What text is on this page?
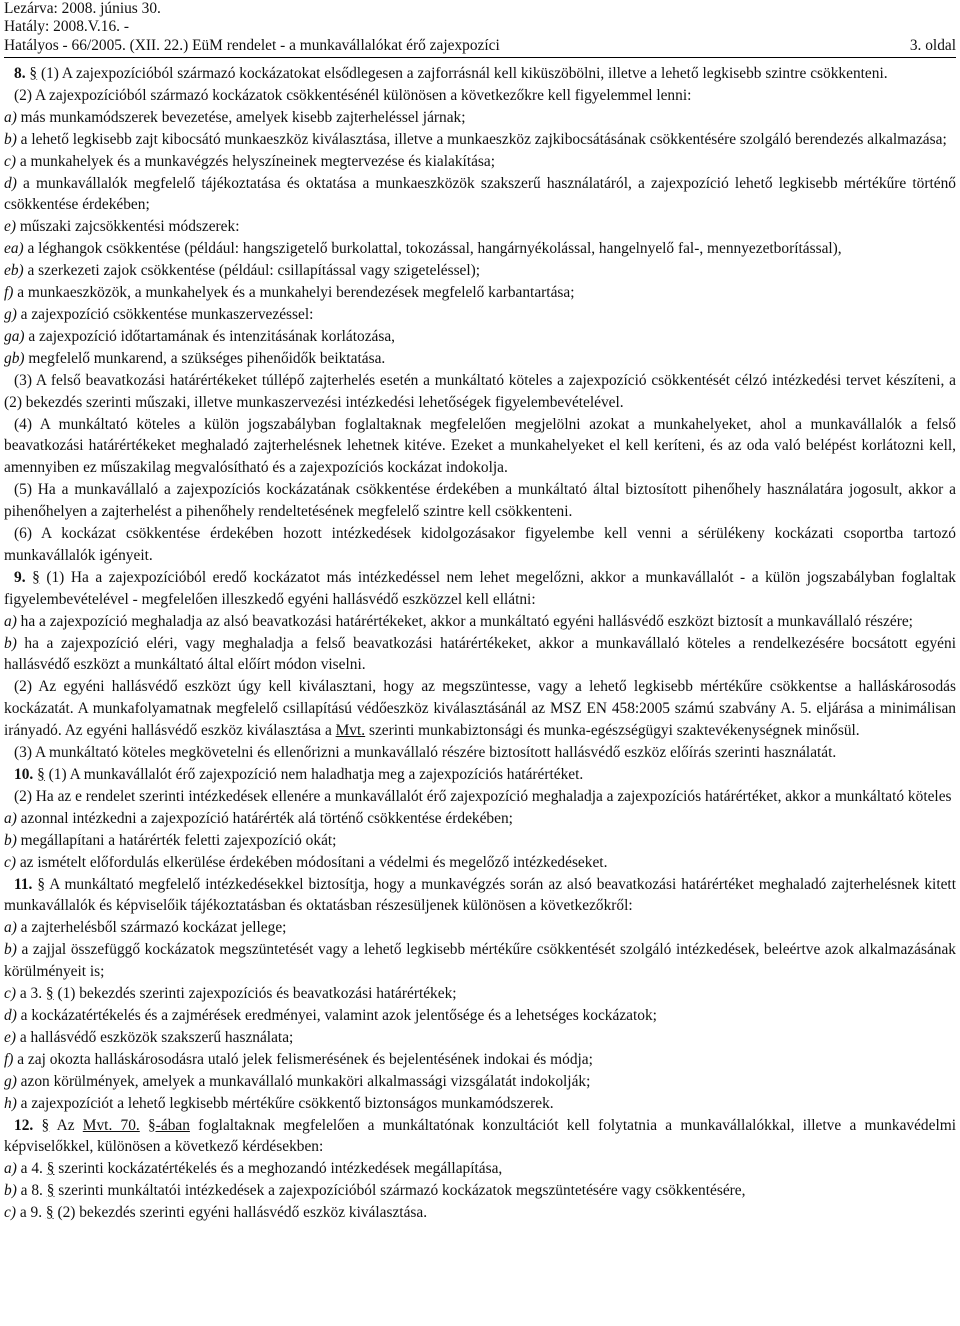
Lezárva: 2008. június 30.
Hatály: 2008.V.16. -
Hatályos - 66/2005. (XII. 22.) EüM rendelet - a munkavállalókat érő zajexpozíci	3. oldal

8. § (1) A zajexpozícióból származó kockázatokat elsődlegesen a zajforrásnál kell kiküszöbölni, illetve a lehető legkisebb szintre csökkenteni.

(2) A zajexpozícióból származó kockázatok csökkentésénél különösen a következőkre kell figyelemmel lenni:

a) más munkamódszerek bevezetése, amelyek kisebb zajterheléssel járnak;

b) a lehető legkisebb zajt kibocsátó munkaeszköz kiválasztása, illetve a munkaeszköz zajkibocsátásának csökkentésére szolgáló berendezés alkalmazása;

c) a munkahelyek és a munkavégzés helyszíneinek megtervezése és kialakítása;

d) a munkavállalók megfelelő tájékoztatása és oktatása a munkaeszközök szakszerű használatáról, a zajexpozíció lehető legkisebb mértékűre történő csökkentése érdekében;

e) műszaki zajcsökkentési módszerek:

ea) a léghangok csökkentése (például: hangszigetelő burkolattal, tokozással, hangárnyékolással, hangelnyelő fal-, mennyezetborítással),

eb) a szerkezeti zajok csökkentése (például: csillapítással vagy szigeteléssel);

f) a munkaeszközök, a munkahelyek és a munkahelyi berendezések megfelelő karbantartása;

g) a zajexpozíció csökkentése munkaszervezéssel:

ga) a zajexpozíció időtartamának és intenzitásának korlátozása,

gb) megfelelő munkarend, a szükséges pihenőidők beiktatása.

(3) A felső beavatkozási határértékeket túllépő zajterhelés esetén a munkáltató köteles a zajexpozíció csökkentését célzó intézkedési tervet készíteni, a (2) bekezdés szerinti műszaki, illetve munkaszervezési intézkedési lehetőségek figyelembevételével.

(4) A munkáltató köteles a külön jogszabályban foglaltaknak megfelelően megjelölni azokat a munkahelyeket, ahol a munkavállalók a felső beavatkozási határértékeket meghaladó zajterhelésnek lehetnek kitéve. Ezeket a munkahelyeket el kell keríteni, és az oda való belépést korlátozni kell, amennyiben ez műszakilag megvalósítható és a zajexpozíciós kockázat indokolja.

(5) Ha a munkavállaló a zajexpozíciós kockázatának csökkentése érdekében a munkáltató által biztosított pihenőhely használatára jogosult, akkor a pihenőhelyen a zajterhelést a pihenőhely rendeltetésének megfelelő szintre kell csökkenteni.

(6) A kockázat csökkentése érdekében hozott intézkedések kidolgozásakor figyelembe kell venni a sérülékeny kockázati csoportba tartozó munkavállalók igényeit.

9. § (1) Ha a zajexpozícióból eredő kockázatot más intézkedéssel nem lehet megelőzni, akkor a munkavállalót - a külön jogszabályban foglaltak figyelembevételével - megfelelően illeszkedő egyéni hallásvédő eszközzel kell ellátni:

a) ha a zajexpozíció meghaladja az alsó beavatkozási határértékeket, akkor a munkáltató egyéni hallásvédő eszközt biztosít a munkavállaló részére;

b) ha a zajexpozíció eléri, vagy meghaladja a felső beavatkozási határértékeket, akkor a munkavállaló köteles a rendelkezésére bocsátott egyéni hallásvédő eszközt a munkáltató által előírt módon viselni.

(2) Az egyéni hallásvédő eszközt úgy kell kiválasztani, hogy az megszüntesse, vagy a lehető legkisebb mértékűre csökkentse a halláskárosodás kockázatát. A munkafolyamatnak megfelelő csillapítású védőeszköz kiválasztásánál az MSZ EN 458:2005 számú szabvány A. 5. eljárása a minimálisan irányadó. Az egyéni hallásvédő eszköz kiválasztása a Mvt. szerinti munkabiztonsági és munka-egészségügyi szaktevékenységnek minősül.

(3) A munkáltató köteles megkövetelni és ellenőrizni a munkavállaló részére biztosított hallásvédő eszköz előírás szerinti használatát.

10. § (1) A munkavállalót érő zajexpozíció nem haladhatja meg a zajexpozíciós határértéket.

(2) Ha az e rendelet szerinti intézkedések ellenére a munkavállalót érő zajexpozíció meghaladja a zajexpozíciós határértéket, akkor a munkáltató köteles

a) azonnal intézkedni a zajexpozíció határérték alá történő csökkentése érdekében;

b) megállapítani a határérték feletti zajexpozíció okát;

c) az ismételt előfordulás elkerülése érdekében módosítani a védelmi és megelőző intézkedéseket.

11. § A munkáltató megfelelő intézkedésekkel biztosítja, hogy a munkavégzés során az alsó beavatkozási határértéket meghaladó zajterhelésnek kitett munkavállalók és képviselőik tájékoztatásban és oktatásban részesüljenek különösen a következőkről:

a) a zajterhelésből származó kockázat jellege;

b) a zajjal összefüggő kockázatok megszüntetését vagy a lehető legkisebb mértékűre csökkentését szolgáló intézkedések, beleértve azok alkalmazásának körülményeit is;

c) a 3. § (1) bekezdés szerinti zajexpozíciós és beavatkozási határértékek;

d) a kockázatértékelés és a zajmérések eredményei, valamint azok jelentősége és a lehetséges kockázatok;

e) a hallásvédő eszközök szakszerű használata;

f) a zaj okozta halláskárosodásra utaló jelek felismerésének és bejelentésének indokai és módja;

g) azon körülmények, amelyek a munkavállaló munkaköri alkalmassági vizsgálatát indokolják;

h) a zajexpozíciót a lehető legkisebb mértékűre csökkentő biztonságos munkamódszerek.

12. § Az Mvt. 70. §-ában foglaltaknak megfelelően a munkáltatónak konzultációt kell folytatnia a munkavállalókkal, illetve a munkavédelmi képviselőkkel, különösen a következő kérdésekben:

a) a 4. § szerinti kockázatértékelés és a meghozandó intézkedések megállapítása,

b) a 8. § szerinti munkáltatói intézkedések a zajexpozícióból származó kockázatok megszüntetésére vagy csökkentésére,

c) a 9. § (2) bekezdés szerinti egyéni hallásvédő eszköz kiválasztása.
